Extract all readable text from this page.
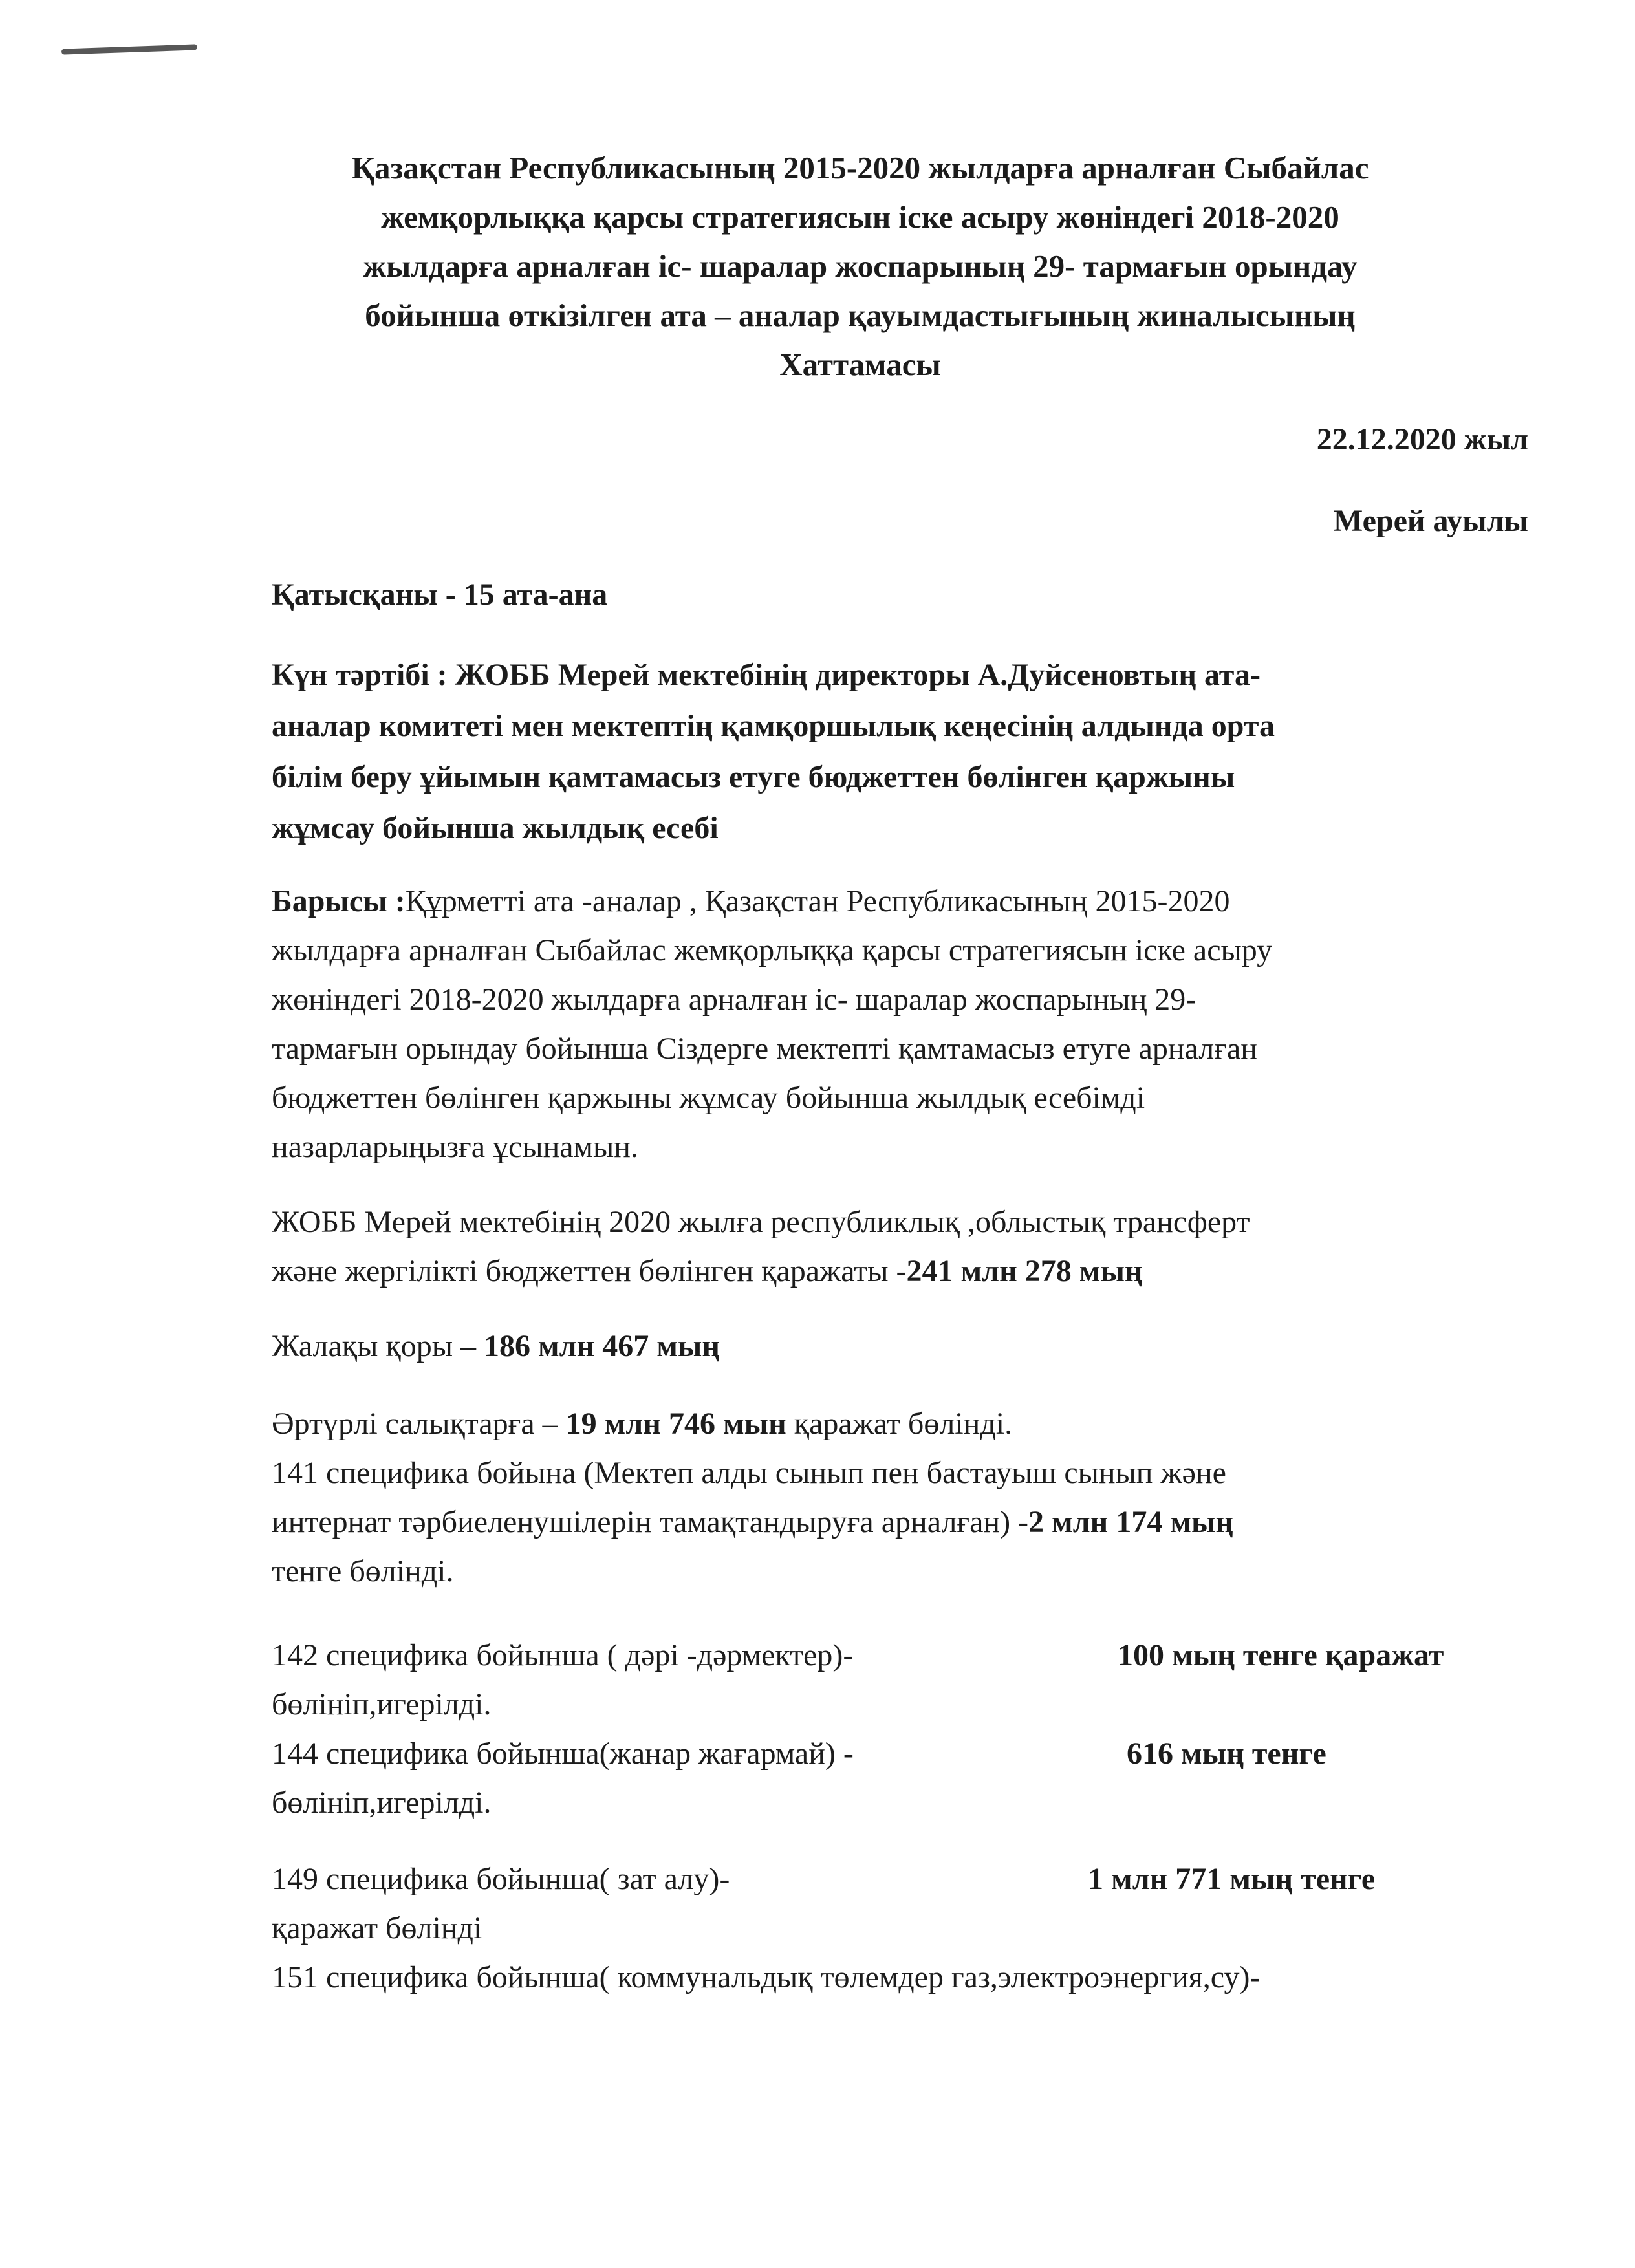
Қазақстан Республикасының 2015-2020 жылдарға арналған Сыбайлас
жемқорлыққа қарсы стратегиясын іске асыру жөніндегі 2018-2020
жылдарға арналған іс- шаралар жоспарының 29- тармағын орындау
бойынша өткізілген ата – аналар қауымдастығының жиналысының
Хаттамасы

22.12.2020 жыл

Мерей ауылы

Қатысқаны - 15 ата-ана

Күн тәртібі : ЖОББ Мерей мектебінің директоры А.Дуйсеновтың ата-

аналар комитеті мен мектептің қамқоршылық кеңесінің алдында орта

білім беру ұйымын қамтамасыз етуге бюджеттен бөлінген қаржыны

жұмсау бойынша жылдық есебі

Барысы :Құрметті ата -аналар , Қазақстан Республикасының 2015-2020

жылдарға арналған Сыбайлас жемқорлыққа қарсы стратегиясын іске асыру

жөніндегі 2018-2020 жылдарға арналған іс- шаралар жоспарының 29-

тармағын орындау бойынша Сіздерге мектепті қамтамасыз етуге арналған

бюджеттен бөлінген қаржыны жұмсау бойынша жылдық есебімді

назарларыңызға ұсынамын.

ЖОББ Мерей мектебінің 2020 жылға республиклық ,облыстық трансферт

және жергілікті бюджеттен бөлінген қаражаты -241 млн 278 мың

Жалақы қоры – 186 млн 467 мың

Әртүрлі салықтарға – 19 млн 746 мын қаражат бөлінді.

141 спецификa бойына (Мектеп алды сынып пен бастауыш сынып және

интернат тәрбиеленушілерін тамақтандыруға арналған) -2 млн 174 мың

тенге бөлінді.

142 специфика бойынша ( дәрі -дәрмектер)-	100 мың тенге қаражат

бөлініп,игерілді.

144 специфика бойынша(жанар жағармай) -	616 мың тенге

бөлініп,игерілді.

149 специфика бойынша( зат алу)-	1 млн 771 мың тенге

қаражат бөлінді

151 специфика бойынша( коммунальдық төлемдер газ,электроэнергия,су)-
